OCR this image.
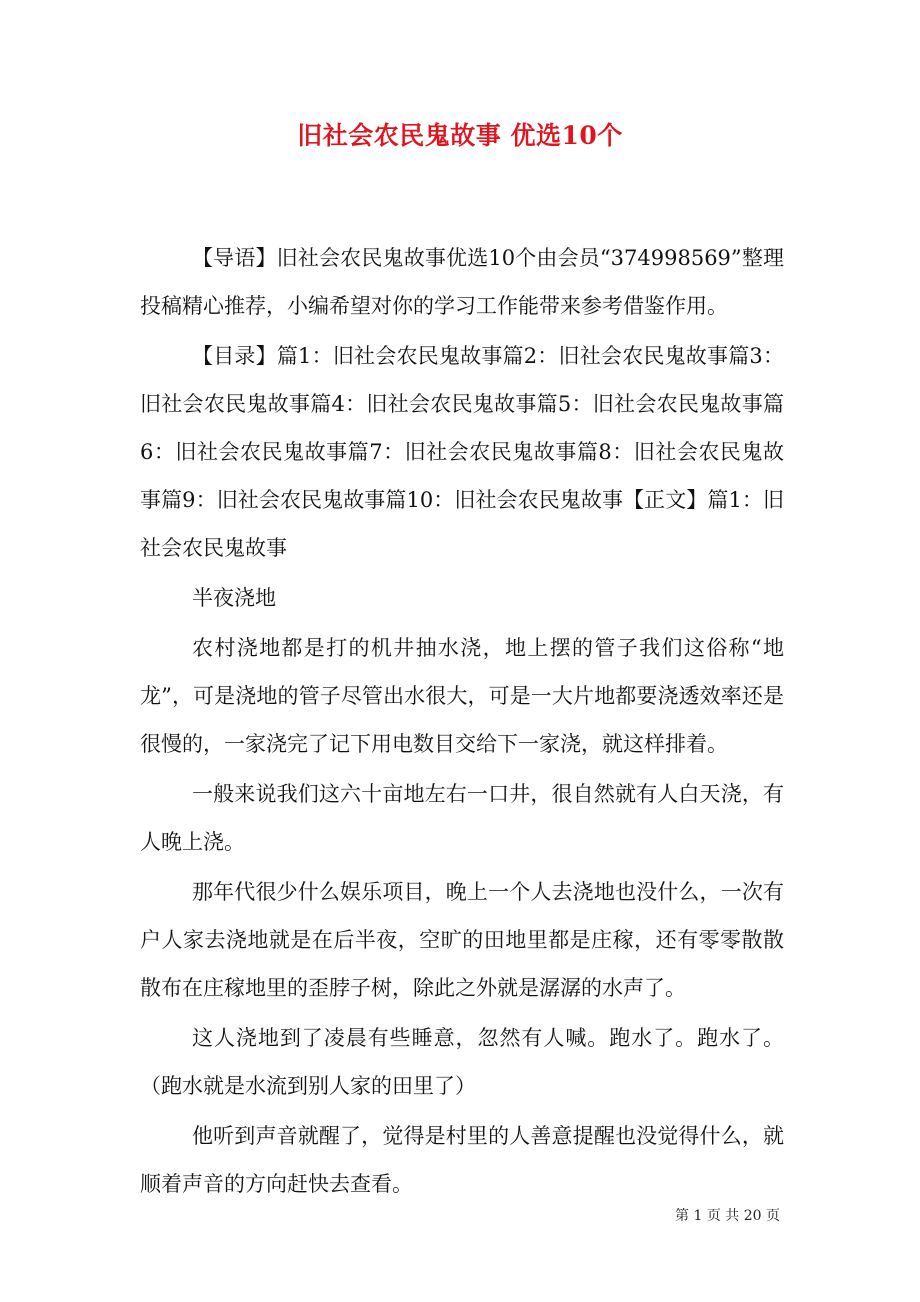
旧社会农民鬼故事 优选10个

【导语】旧社会农民鬼故事优选10个由会员“374998569”整理投稿精心推荐，小编希望对你的学习工作能带来参考借鉴作用。

【目录】篇1：旧社会农民鬼故事篇2：旧社会农民鬼故事篇3：旧社会农民鬼故事篇4：旧社会农民鬼故事篇5：旧社会农民鬼故事篇6：旧社会农民鬼故事篇7：旧社会农民鬼故事篇8：旧社会农民鬼故事篇9：旧社会农民鬼故事篇10：旧社会农民鬼故事【正文】篇1：旧社会农民鬼故事

半夜浇地

农村浇地都是打的机井抽水浇，地上摆的管子我们这俗称“地龙”，可是浇地的管子尽管出水很大，可是一大片地都要浇透效率还是很慢的，一家浇完了记下用电数目交给下一家浇，就这样排着。

一般来说我们这六十亩地左右一口井，很自然就有人白天浇，有人晚上浇。

那年代很少什么娱乐项目，晚上一个人去浇地也没什么，一次有户人家去浇地就是在后半夜，空旷的田地里都是庄稼，还有零零散散散布在庄稼地里的歪脖子树，除此之外就是潺潺的水声了。

这人浇地到了凌晨有些睡意，忽然有人喊。跑水了。跑水了。（跑水就是水流到别人家的田里了）

他听到声音就醒了，觉得是村里的人善意提醒也没觉得什么，就顺着声音的方向赶快去查看。

第 1 页 共 20 页
